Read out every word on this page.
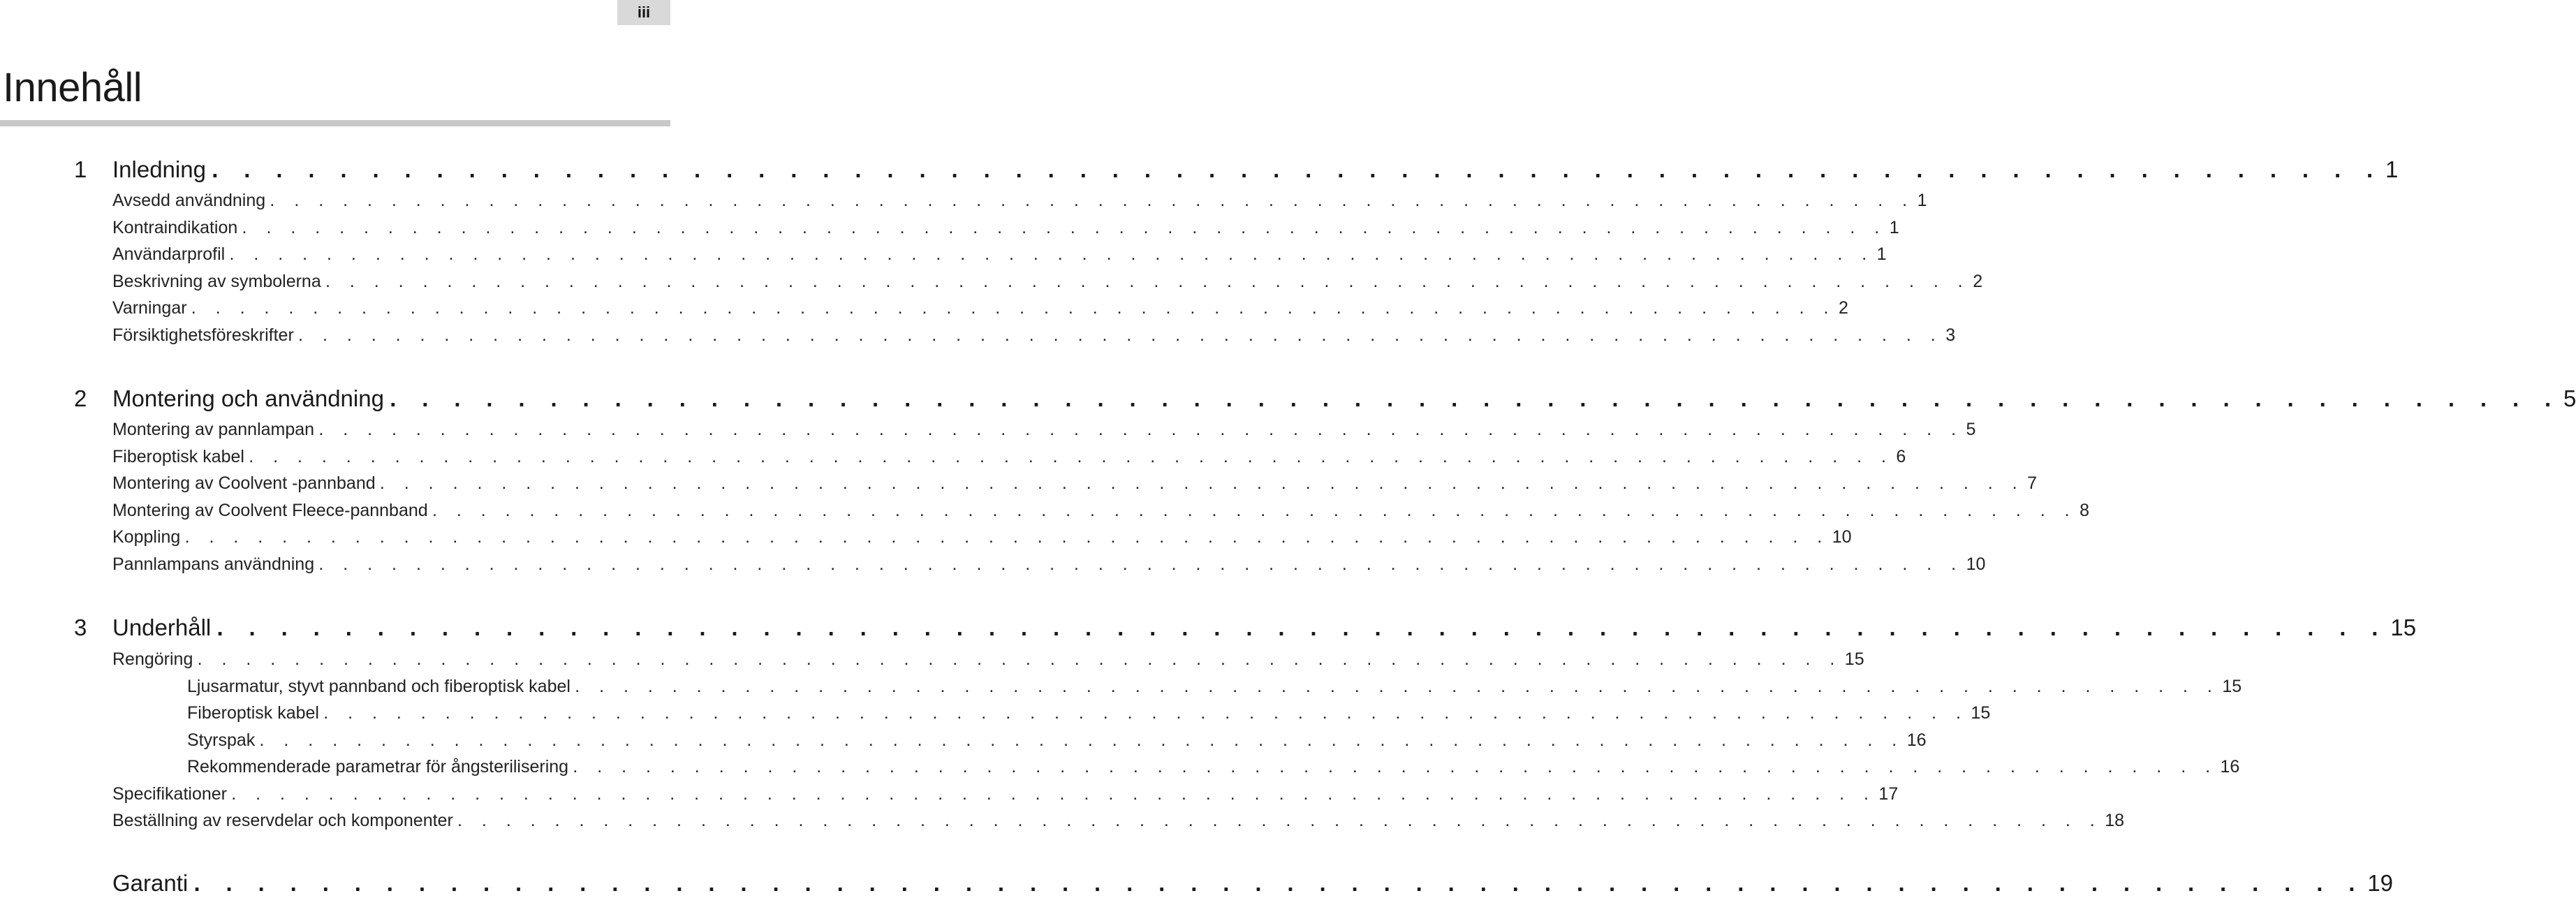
iii
Innehåll
1 Inledning . . . . . . . . . . . . . . . . . . . . . . . . . . . . . . . . . . . . . . . . . . . . . . . . . . . . . . . . . . . . . . . . . . . . 1
Avsedd användning . . . . . . . . . . . . . . . . . . . . . . . . . . . . . . . . . . . . . . . . . . . . . . . . . . . . . . . . . . . . . . . . . . . . 1
Kontraindikation . . . . . . . . . . . . . . . . . . . . . . . . . . . . . . . . . . . . . . . . . . . . . . . . . . . . . . . . . . . . . . . . . . . . 1
Användarprofil . . . . . . . . . . . . . . . . . . . . . . . . . . . . . . . . . . . . . . . . . . . . . . . . . . . . . . . . . . . . . . . . . . . . 1
Beskrivning av symbolerna . . . . . . . . . . . . . . . . . . . . . . . . . . . . . . . . . . . . . . . . . . . . . . . . . . . . . . . . . . . . . . . . . . . . 2
Varningar . . . . . . . . . . . . . . . . . . . . . . . . . . . . . . . . . . . . . . . . . . . . . . . . . . . . . . . . . . . . . . . . . . . . 2
Försiktighetsföreskrifter . . . . . . . . . . . . . . . . . . . . . . . . . . . . . . . . . . . . . . . . . . . . . . . . . . . . . . . . . . . . . . . . . . . . 3
2 Montering och användning . . . . . . . . . . . . . . . . . . . . . . . . . . . . . . . . . . . . . . . . . . . . . . . . . . . . . . . . . . . . . . . . . . . . 5
Montering av pannlampan . . . . . . . . . . . . . . . . . . . . . . . . . . . . . . . . . . . . . . . . . . . . . . . . . . . . . . . . . . . . . . . . . . . . 5
Fiberoptisk kabel . . . . . . . . . . . . . . . . . . . . . . . . . . . . . . . . . . . . . . . . . . . . . . . . . . . . . . . . . . . . . . . . . . . . 6
Montering av Coolvent -pannband . . . . . . . . . . . . . . . . . . . . . . . . . . . . . . . . . . . . . . . . . . . . . . . . . . . . . . . . . . . . . . . . . . . . 7
Montering av Coolvent Fleece-pannband . . . . . . . . . . . . . . . . . . . . . . . . . . . . . . . . . . . . . . . . . . . . . . . . . . . . . . . . . . . . . . . . . . . . 8
Koppling . . . . . . . . . . . . . . . . . . . . . . . . . . . . . . . . . . . . . . . . . . . . . . . . . . . . . . . . . . . . . . . . . . . . 10
Pannlampans användning . . . . . . . . . . . . . . . . . . . . . . . . . . . . . . . . . . . . . . . . . . . . . . . . . . . . . . . . . . . . . . . . . . . . 10
3 Underhåll . . . . . . . . . . . . . . . . . . . . . . . . . . . . . . . . . . . . . . . . . . . . . . . . . . . . . . . . . . . . . . . . . . . . 15
Rengöring . . . . . . . . . . . . . . . . . . . . . . . . . . . . . . . . . . . . . . . . . . . . . . . . . . . . . . . . . . . . . . . . . . . . 15
Ljusarmatur, styvt pannband och fiberoptisk kabel . . . . . . . . . . . . . . . . . . . . . . . . . . . . . . . . . . . . . . . . . . . . . . . . . . . . . . . . . . . . . . . . . . . . 15
Fiberoptisk kabel . . . . . . . . . . . . . . . . . . . . . . . . . . . . . . . . . . . . . . . . . . . . . . . . . . . . . . . . . . . . . . . . . . . . 15
Styrspak . . . . . . . . . . . . . . . . . . . . . . . . . . . . . . . . . . . . . . . . . . . . . . . . . . . . . . . . . . . . . . . . . . . . 16
Rekommenderade parametrar för ångsterilisering . . . . . . . . . . . . . . . . . . . . . . . . . . . . . . . . . . . . . . . . . . . . . . . . . . . . . . . . . . . . . . . . . . . . 16
Specifikationer . . . . . . . . . . . . . . . . . . . . . . . . . . . . . . . . . . . . . . . . . . . . . . . . . . . . . . . . . . . . . . . . . . . . 17
Beställning av reservdelar och komponenter . . . . . . . . . . . . . . . . . . . . . . . . . . . . . . . . . . . . . . . . . . . . . . . . . . . . . . . . . . . . . . . . . . . . 18
Garanti . . . . . . . . . . . . . . . . . . . . . . . . . . . . . . . . . . . . . . . . . . . . . . . . . . . . . . . . . . . . . . . . . . . . 19
